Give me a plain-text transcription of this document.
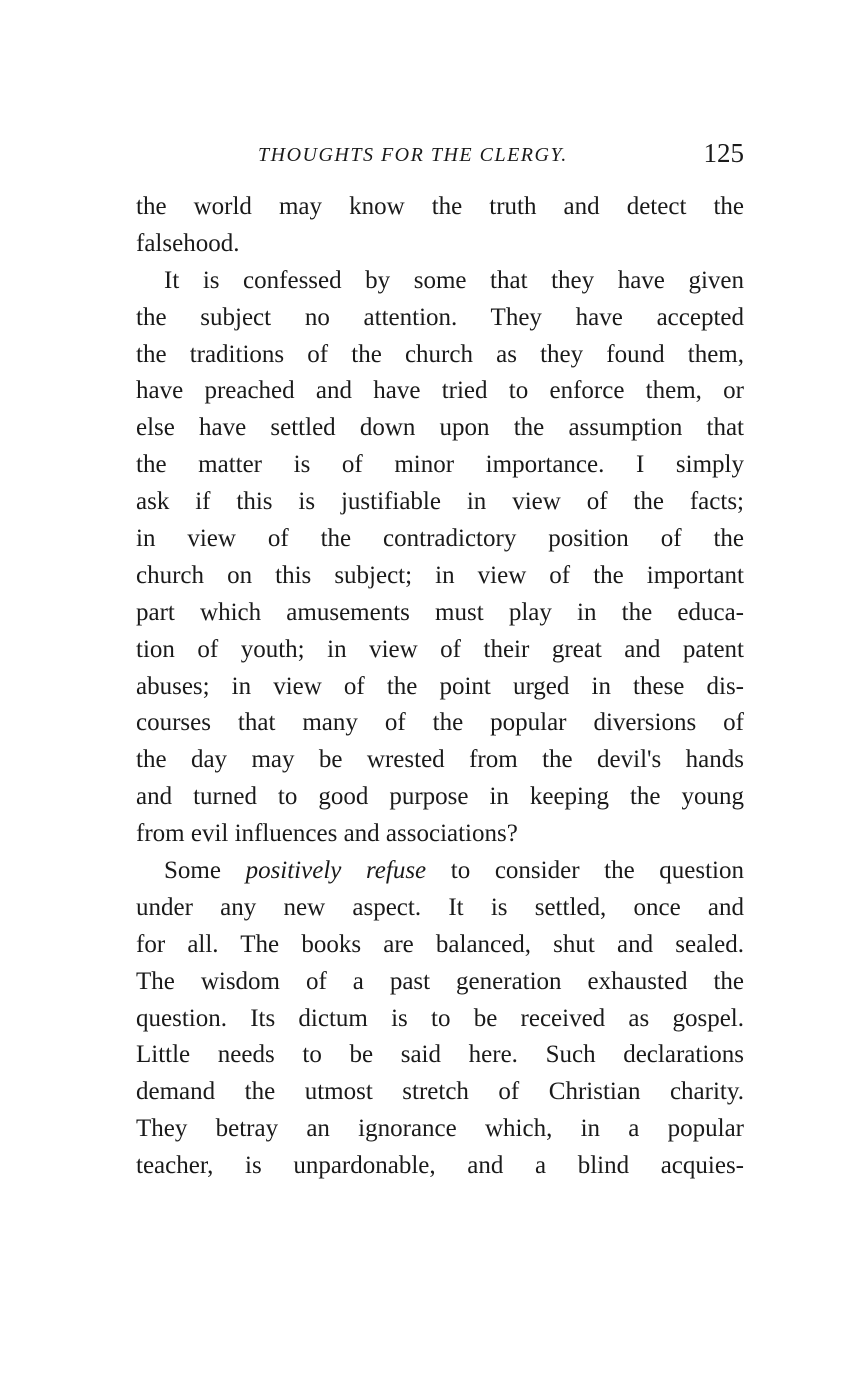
THOUGHTS FOR THE CLERGY.	125
the world may know the truth and detect the
falsehood.
It is confessed by some that they have given
the subject no attention. They have accepted
the traditions of the church as they found them,
have preached and have tried to enforce them, or
else have settled down upon the assumption that
the matter is of minor importance. I simply
ask if this is justifiable in view of the facts;
in view of the contradictory position of the
church on this subject; in view of the important
part which amusements must play in the educa-
tion of youth; in view of their great and patent
abuses; in view of the point urged in these dis-
courses that many of the popular diversions of
the day may be wrested from the devil's hands
and turned to good purpose in keeping the young
from evil influences and associations?
Some positively refuse to consider the question
under any new aspect. It is settled, once and
for all. The books are balanced, shut and sealed.
The wisdom of a past generation exhausted the
question. Its dictum is to be received as gospel.
Little needs to be said here. Such declarations
demand the utmost stretch of Christian charity.
They betray an ignorance which, in a popular
teacher, is unpardonable, and a blind acquies-
